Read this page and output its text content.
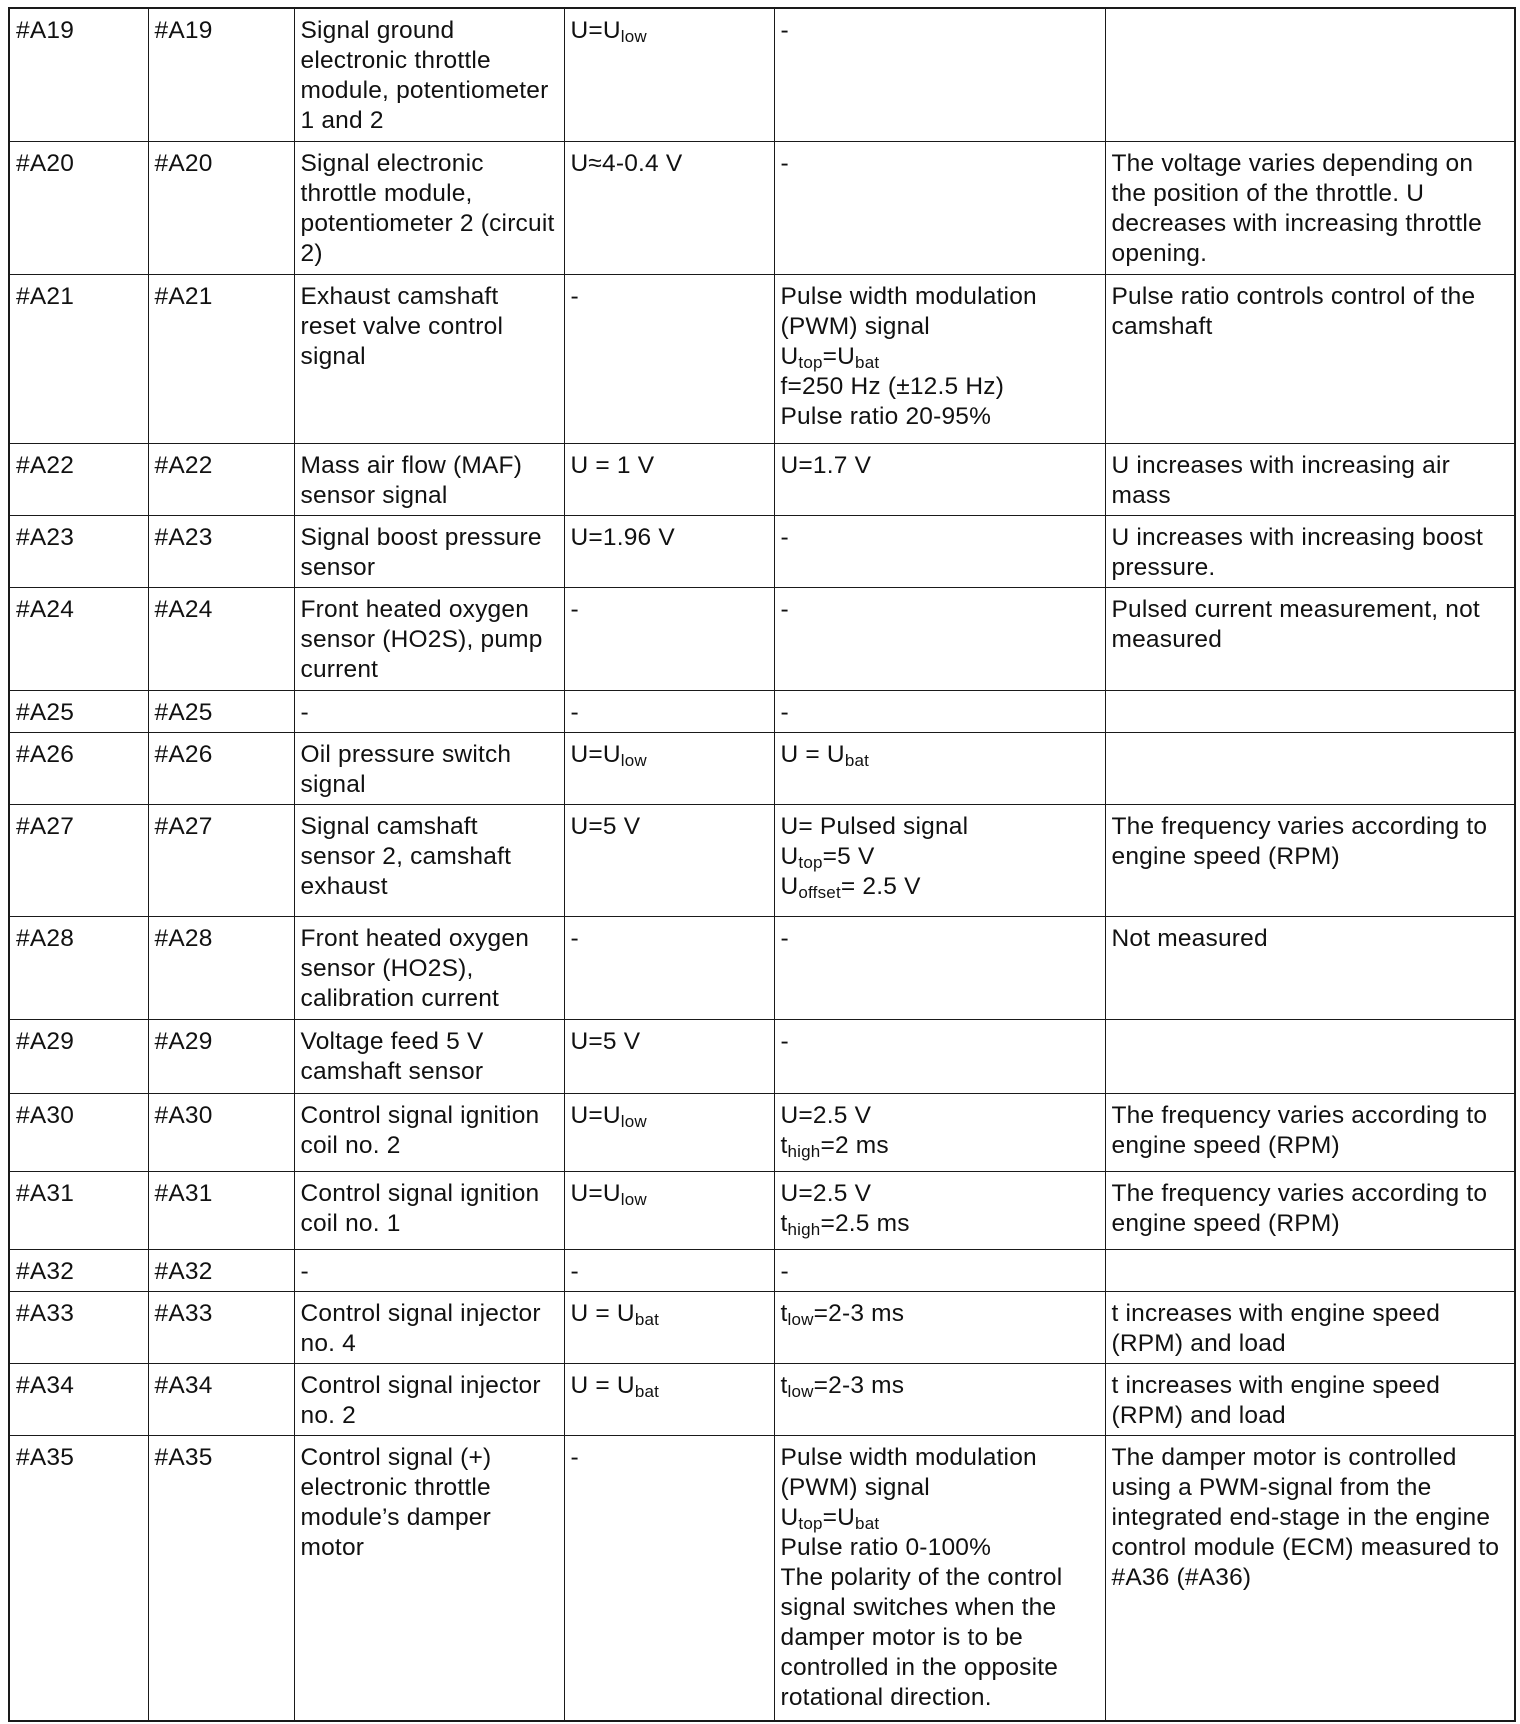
#A19	#A19	Signal ground electronic throttle module, potentiometer 1 and 2	$U=U_{low}$	-	

#A20	#A20	Signal electronic throttle module, potentiometer 2 (circuit 2)	U≈4-0.4 V	-	The voltage varies depending on the position of the throttle. U decreases with increasing throttle opening.
#A21	#A21	Exhaust camshaft reset valve control signal	-	Pulse width modulation (PWM) signal
$U_{top}=U_{bat}$
f=250 Hz (±12.5 Hz)
Pulse ratio 20-95%	Pulse ratio controls control of the camshaft
#A22	#A22	Mass air flow (MAF) sensor signal	U = 1 V	U=1.7 V	U increases with increasing air mass
#A23	#A23	Signal boost pressure sensor	U=1.96 V	-	U increases with increasing boost pressure.
#A24	#A24	Front heated oxygen sensor (HO2S), pump current	-	-	Pulsed current measurement, not measured
#A25	#A25	-	-	-	

#A26	#A26	Oil pressure switch signal	$U=U_{low}$	$U = U_{bat}$

#A27	#A27	Signal camshaft sensor 2, camshaft exhaust	U=5 V	U= Pulsed signal
$U_{top}=5$ V
$U_{offset}= 2.5$ V	The frequency varies according to engine speed (RPM)
#A28	#A28	Front heated oxygen sensor (HO2S), calibration current	-	-	Not measured
#A29	#A29	Voltage feed 5 V camshaft sensor	U=5 V	-	

#A30	#A30	Control signal ignition coil no. 2	$U=U_{low}$	U=2.5 V
$t_{high}=2$ ms	The frequency varies according to engine speed (RPM)
#A31	#A31	Control signal ignition coil no. 1	$U=U_{low}$	U=2.5 V
$t_{high}=2.5$ ms	The frequency varies according to engine speed (RPM)
#A32	#A32	-	-	-	

#A33	#A33	Control signal injector no. 4	$U = U_{bat}$	$t_{low}=2-3$ ms	t increases with engine speed (RPM) and load
#A34	#A34	Control signal injector no. 2	$U = U_{bat}$	$t_{low}=2-3$ ms	t increases with engine speed (RPM) and load
#A35	#A35	Control signal (+) electronic throttle module’s damper motor	-	Pulse width modulation (PWM) signal
$U_{top}=U_{bat}$
Pulse ratio 0-100%
The polarity of the control signal switches when the damper motor is to be controlled in the opposite rotational direction.	The damper motor is controlled using a PWM-signal from the integrated end-stage in the engine control module (ECM) measured to #A36 (#A36)
